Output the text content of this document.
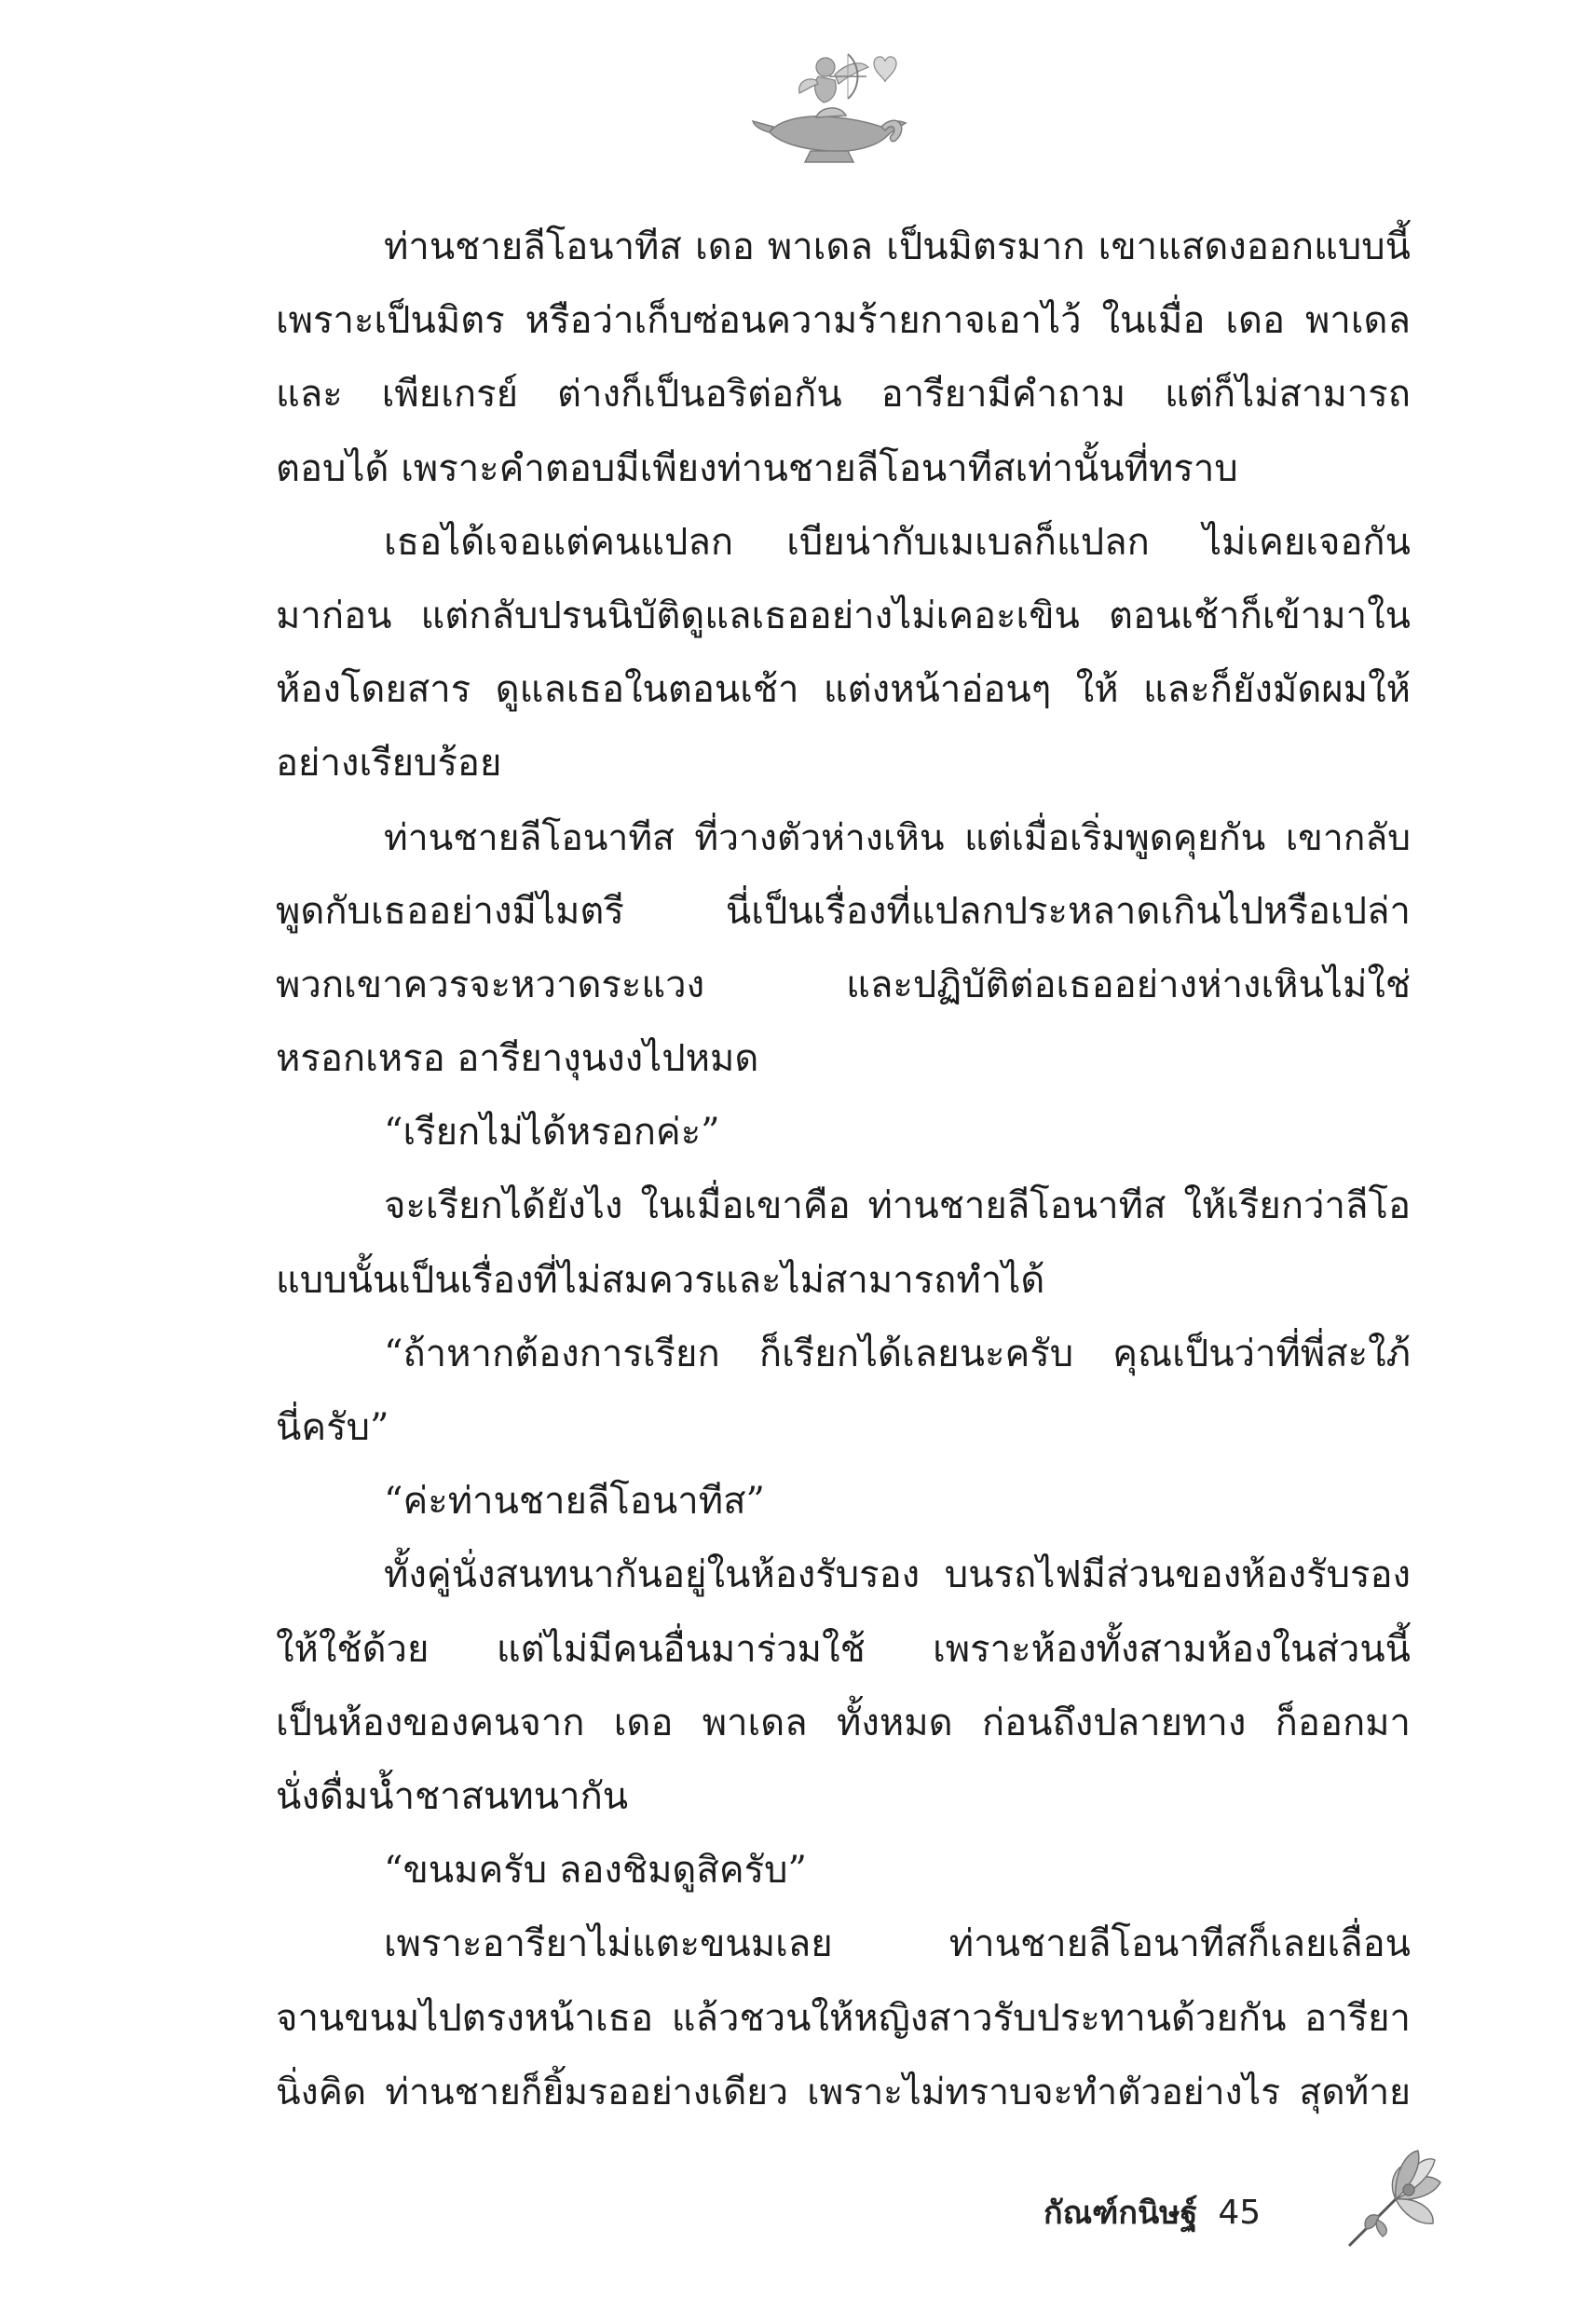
ท่านชายลีโอนาทีส เดอ พาเดล เป็นมิตรมาก เขาแสดงออกแบบนี้
เพราะเป็นมิตร หรือว่าเก็บซ่อนความร้ายกาจเอาไว้ ในเมื่อ เดอ พาเดล
และ เพียเกรย์ ต่างก็เป็นอริต่อกัน อารียามีคำถาม แต่ก็ไม่สามารถ
ตอบได้ เพราะคำตอบมีเพียงท่านชายลีโอนาทีสเท่านั้นที่ทราบ
เธอได้เจอแต่คนแปลก เบียน่ากับเมเบลก็แปลก ไม่เคยเจอกัน
มาก่อน แต่กลับปรนนิบัติดูแลเธออย่างไม่เคอะเขิน ตอนเช้าก็เข้ามาใน
ห้องโดยสาร ดูแลเธอในตอนเช้า แต่งหน้าอ่อนๆ ให้ และก็ยังมัดผมให้
อย่างเรียบร้อย
ท่านชายลีโอนาทีส ที่วางตัวห่างเหิน แต่เมื่อเริ่มพูดคุยกัน เขากลับ
พูดกับเธออย่างมีไมตรี นี่เป็นเรื่องที่แปลกประหลาดเกินไปหรือเปล่า
พวกเขาควรจะหวาดระแวง และปฏิบัติต่อเธออย่างห่างเหินไม่ใช่
หรอกเหรอ อารียางุนงงไปหมด
“เรียกไม่ได้หรอกค่ะ”
จะเรียกได้ยังไง ในเมื่อเขาคือ ท่านชายลีโอนาทีส ให้เรียกว่าลีโอ
แบบนั้นเป็นเรื่องที่ไม่สมควรและไม่สามารถทำได้
“ถ้าหากต้องการเรียก ก็เรียกได้เลยนะครับ คุณเป็นว่าที่พี่สะใภ้
นี่ครับ”
“ค่ะท่านชายลีโอนาทีส”
ทั้งคู่นั่งสนทนากันอยู่ในห้องรับรอง บนรถไฟมีส่วนของห้องรับรอง
ให้ใช้ด้วย แต่ไม่มีคนอื่นมาร่วมใช้ เพราะห้องทั้งสามห้องในส่วนนี้
เป็นห้องของคนจาก เดอ พาเดล ทั้งหมด ก่อนถึงปลายทาง ก็ออกมา
นั่งดื่มน้ำชาสนทนากัน
“ขนมครับ ลองชิมดูสิครับ”
เพราะอารียาไม่แตะขนมเลย ท่านชายลีโอนาทีสก็เลยเลื่อน
จานขนมไปตรงหน้าเธอ แล้วชวนให้หญิงสาวรับประทานด้วยกัน อารียา
นิ่งคิด ท่านชายก็ยิ้มรออย่างเดียว เพราะไม่ทราบจะทำตัวอย่างไร สุดท้าย
กัณฑ์กนิษฐ์ 45
